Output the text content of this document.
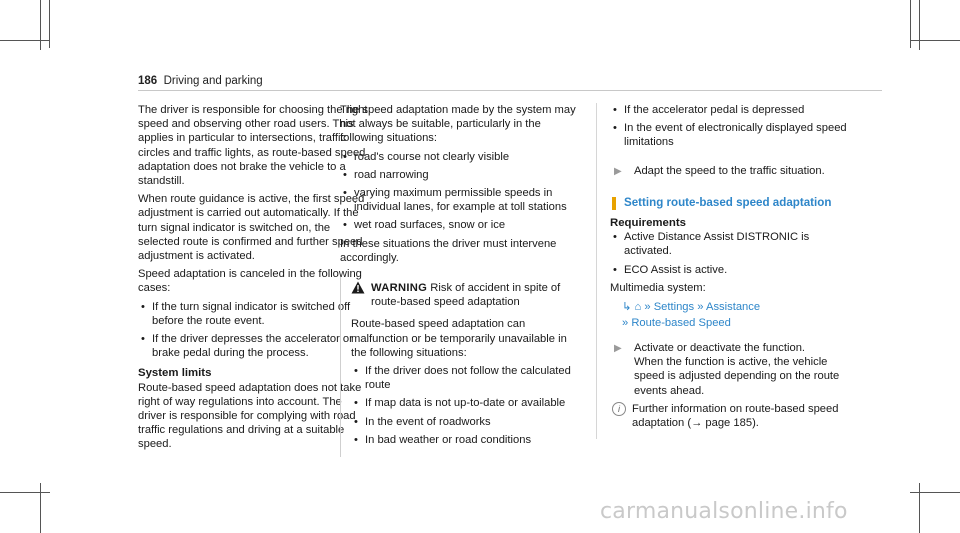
186 Driving and parking

The driver is responsible for choosing the right speed and observing other road users. This applies in particular to intersections, traffic circles and traffic lights, as route-based speed adaptation does not brake the vehicle to a standstill.

When route guidance is active, the first speed adjustment is carried out automatically. If the turn signal indicator is switched on, the selected route is confirmed and further speed adjustment is activated.

Speed adaptation is canceled in the following cases:

• If the turn signal indicator is switched off before the route event.
• If the driver depresses the accelerator or brake pedal during the process.
System limits

Route-based speed adaptation does not take right of way regulations into account. The driver is responsible for complying with road traffic regulations and driving at a suitable speed.

The speed adaptation made by the system may not always be suitable, particularly in the following situations:

• road's course not clearly visible
• road narrowing
• varying maximum permissible speeds in individual lanes, for example at toll stations
• wet road surfaces, snow or ice

In these situations the driver must intervene accordingly.

WARNING Risk of accident in spite of route-based speed adaptation

Route-based speed adaptation can malfunction or be temporarily unavailable in the following situations:

• If the driver does not follow the calculated route
• If map data is not up-to-date or available
• In the event of roadworks
• In bad weather or road conditions
• If the accelerator pedal is depressed
• In the event of electronically displayed speed limitations
▶ Adapt the speed to the traffic situation.
Setting route-based speed adaptation
Requirements
• Active Distance Assist DISTRONIC is activated.
• ECO Assist is active.

Multimedia system:

↳ ⌂ » Settings » Assistance
» Route-based Speed
▶ Activate or deactivate the function.
When the function is active, the vehicle speed is adjusted depending on the route events ahead.
i	Further information on route-based speed adaptation (→ page 185).
carmanualsonline.info
